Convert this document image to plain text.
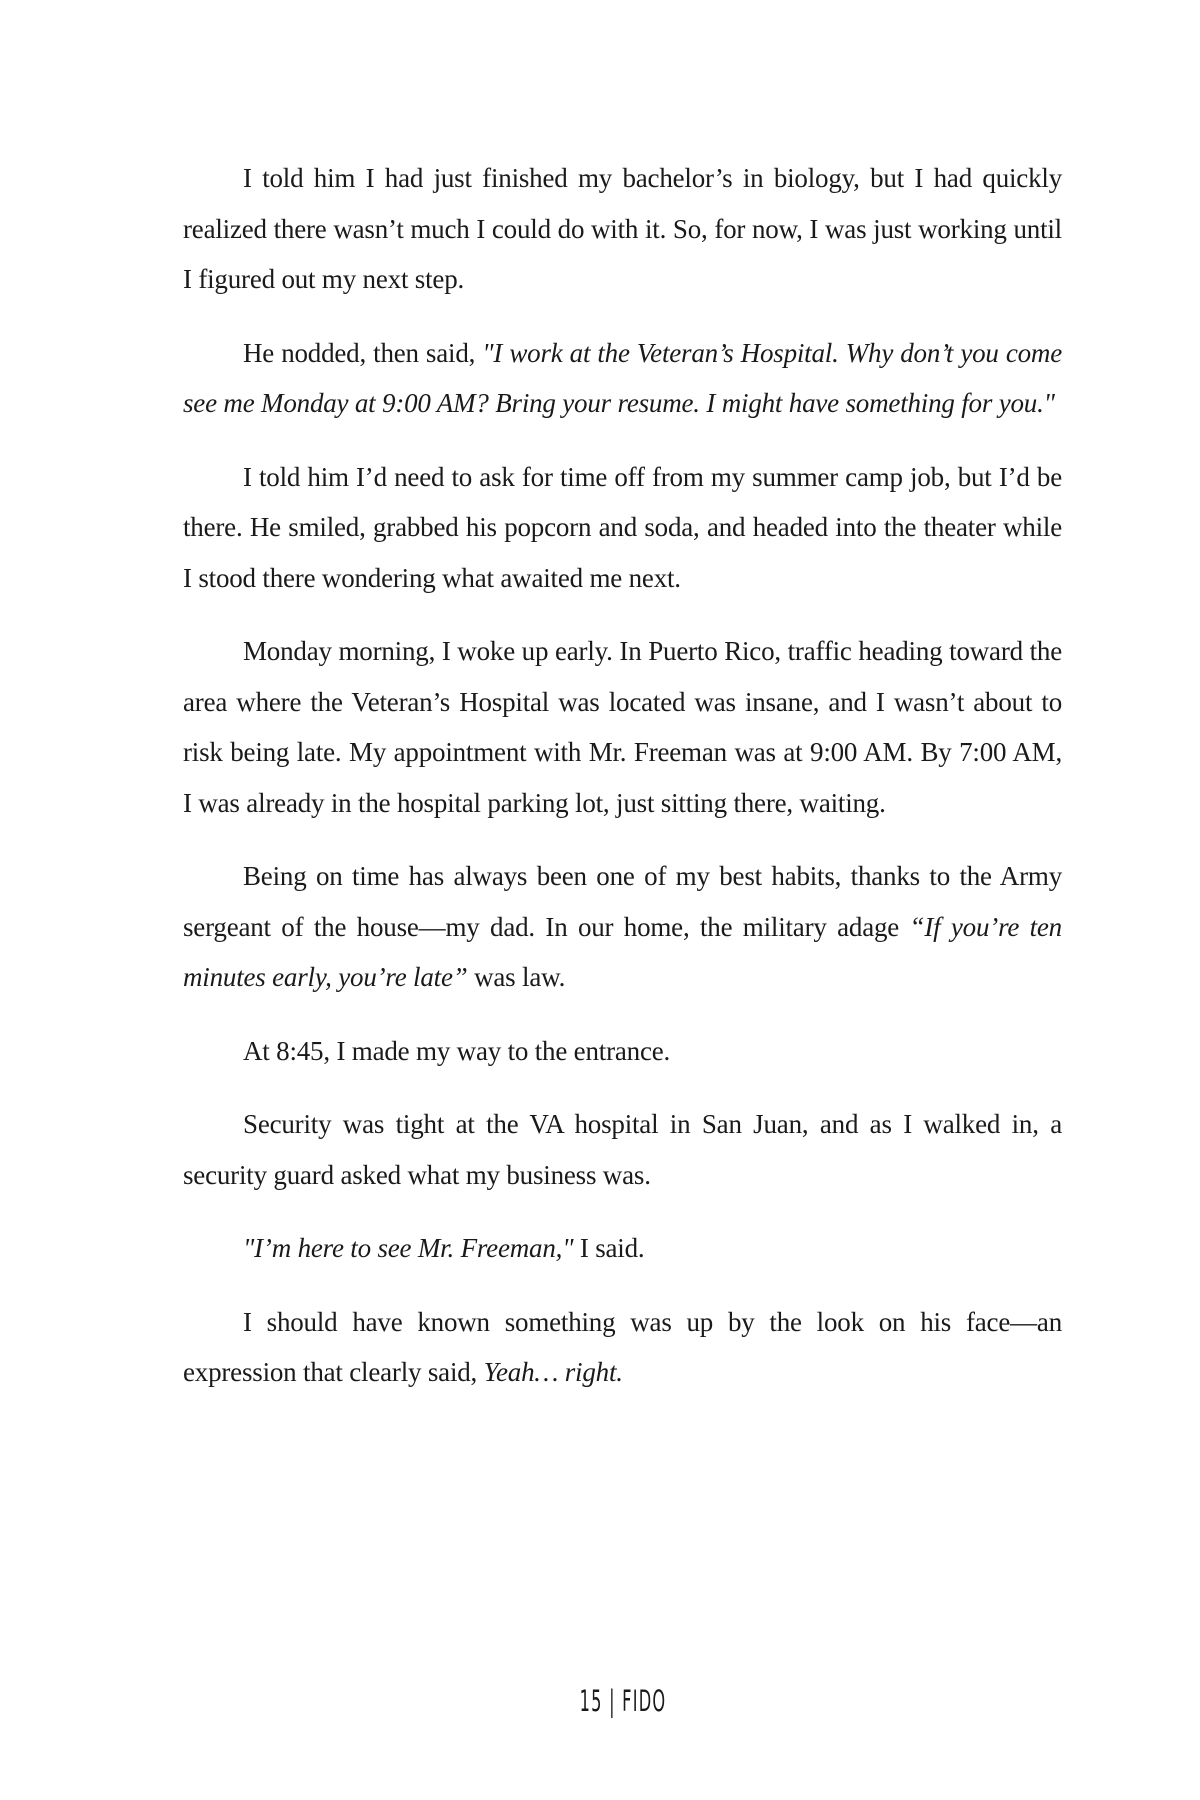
I told him I had just finished my bachelor’s in biology, but I had quickly realized there wasn’t much I could do with it. So, for now, I was just working until I figured out my next step.

He nodded, then said, "I work at the Veteran’s Hospital. Why don’t you come see me Monday at 9:00 AM? Bring your resume. I might have something for you."

I told him I’d need to ask for time off from my summer camp job, but I’d be there. He smiled, grabbed his popcorn and soda, and headed into the theater while I stood there wondering what awaited me next.

Monday morning, I woke up early. In Puerto Rico, traffic heading toward the area where the Veteran’s Hospital was located was insane, and I wasn’t about to risk being late. My appointment with Mr. Freeman was at 9:00 AM. By 7:00 AM, I was already in the hospital parking lot, just sitting there, waiting.

Being on time has always been one of my best habits, thanks to the Army sergeant of the house—my dad. In our home, the military adage “If you’re ten minutes early, you’re late” was law.

At 8:45, I made my way to the entrance.

Security was tight at the VA hospital in San Juan, and as I walked in, a security guard asked what my business was.

"I’m here to see Mr. Freeman," I said.

I should have known something was up by the look on his face—an expression that clearly said, Yeah… right.

15 | FIDO
